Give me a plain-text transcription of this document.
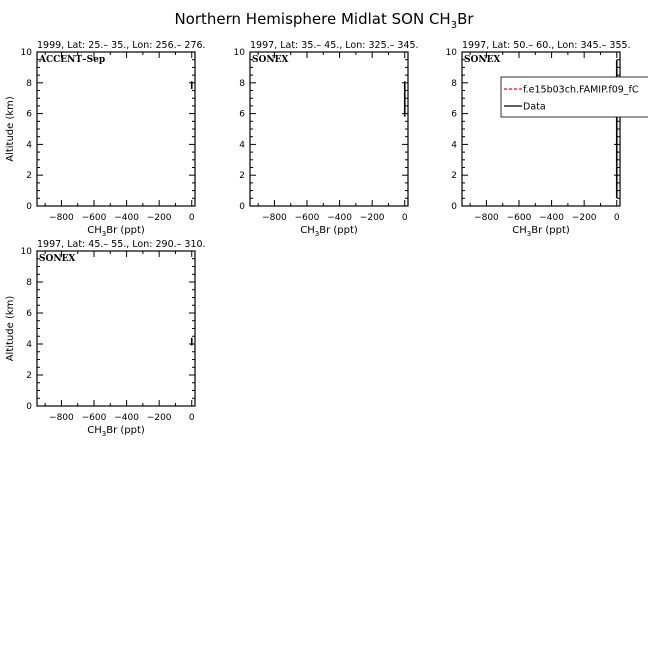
Northern Hemisphere Midlat SON $CH_3Br$
−800 −600 −400 −200 0
0
2
4
6
8
10
1999, Lat: 25.– 35., Lon: 256.– 276.
ACCENT–Sep
$CH_3Br$ (ppt)
Altitude (km)
−800 −600 −400 −200 0
0
2
4
6
8
10
1997, Lat: 35.– 45., Lon: 325.– 345.
SONEX
$CH_3Br$ (ppt)
−800 −600 −400 −200 0
0
2
4
6
8
10
1997, Lat: 50.– 60., Lon: 345.– 355.
SONEX
$CH_3Br$ (ppt)
f.e15b03ch.FAMIP.f09_fC
Data
−800 −600 −400 −200 0
0
2
4
6
8
10
1997, Lat: 45.– 55., Lon: 290.– 310.
SONEX
$CH_3Br$ (ppt)
Altitude (km)
